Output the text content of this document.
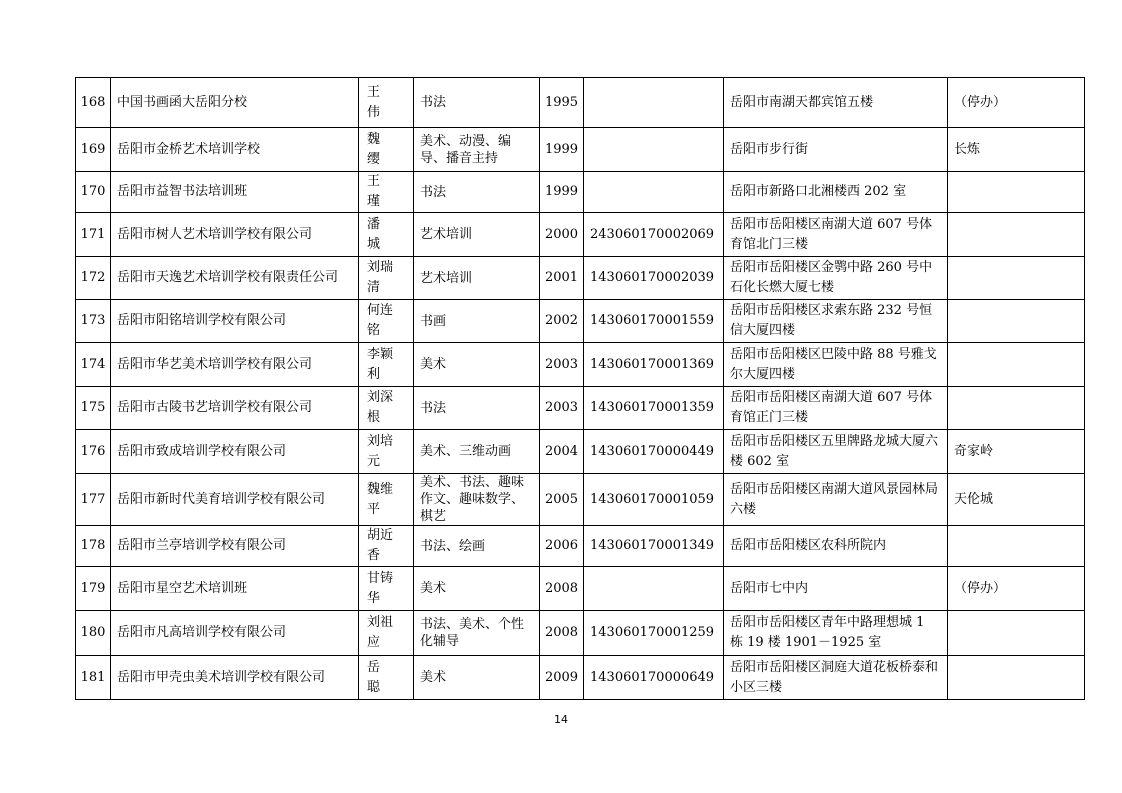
168	中国书画函大岳阳分校	王　伟	书法	1995		岳阳市南湖天都宾馆五楼	（停办）
169	岳阳市金桥艺术培训学校	魏　缨	美术、动漫、编导、播音主持	1999		岳阳市步行街	长炼
170	岳阳市益智书法培训班	王　瑾	书法	1999		岳阳市新路口北湘楼西 202 室	
171	岳阳市树人艺术培训学校有限公司	潘　城	艺术培训	2000	243060170002069	岳阳市岳阳楼区南湖大道 607 号体育馆北门三楼	
172	岳阳市天逸艺术培训学校有限责任公司	刘瑞清	艺术培训	2001	143060170002039	岳阳市岳阳楼区金鹗中路 260 号中石化长燃大厦七楼	
173	岳阳市阳铭培训学校有限公司	何连铭	书画	2002	143060170001559	岳阳市岳阳楼区求索东路 232 号恒信大厦四楼	
174	岳阳市华艺美术培训学校有限公司	李颖利	美术	2003	143060170001369	岳阳市岳阳楼区巴陵中路 88 号雅戈尔大厦四楼	
175	岳阳市古陵书艺培训学校有限公司	刘深根	书法	2003	143060170001359	岳阳市岳阳楼区南湖大道 607 号体育馆正门三楼	
176	岳阳市致成培训学校有限公司	刘培元	美术、三维动画	2004	143060170000449	岳阳市岳阳楼区五里牌路龙城大厦六楼 602 室	奇家岭
177	岳阳市新时代美育培训学校有限公司	魏维平	美术、书法、趣味作文、趣味数学、棋艺	2005	143060170001059	岳阳市岳阳楼区南湖大道风景园林局六楼	天伦城
178	岳阳市兰亭培训学校有限公司	胡近香	书法、绘画	2006	143060170001349	岳阳市岳阳楼区农科所院内	
179	岳阳市星空艺术培训班	甘铸华	美术	2008		岳阳市七中内	（停办）
180	岳阳市凡高培训学校有限公司	刘祖应	书法、美术、个性化辅导	2008	143060170001259	岳阳市岳阳楼区青年中路理想城 1 栋 19 楼 1901－1925 室	
181	岳阳市甲壳虫美术培训学校有限公司	岳　聪	美术	2009	143060170000649	岳阳市岳阳楼区洞庭大道花板桥泰和小区三楼	
14
